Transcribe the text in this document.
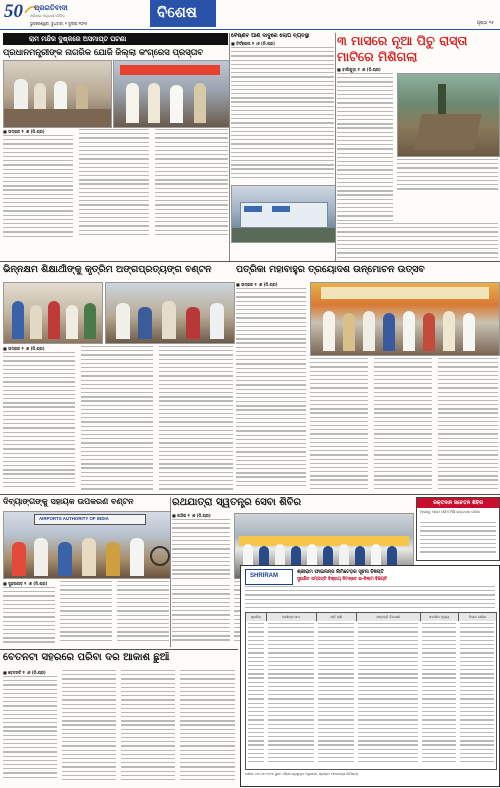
50 ପ୍ରଗତିବାଦୀ
ଓଡ଼ିଶାର ଅଗ୍ରଣୀ ଦୈନିକ
ଭୁବନେଶ୍ୱର, ବୁଧବାର, ୨ ଜୁଲାଇ ୨୦୨୫
ବିଶେଷ
ପୃଷ୍ଠା ୧୫
ରାମ ମନ୍ଦିର ଦୁଷ୍କରେ ଅସମାପ୍ତ ଘଟଣା
ପ୍ରଧାନମନ୍ତ୍ରୀଙ୍କ ନାଗରିକ ଯୋଜି ଜିଲ୍ଲା କଂଗ୍ରେସ ପ୍ରସ୍ତାବ
■ ଭଦ୍ରକ ୧ ।୭ (ନି.ପ୍ର)
ବୈଷ୍ଣବ ପାଣି ଦାଦୁରେ ଲୋପ ବ୍ୟବସ୍ଥା
■ ତିର୍ତ୍ତୋଲ ୧ ।୭ (ନି.ପ୍ର)	୩ ମାସରେ ନୂଆ ପିଚୁ ରାସ୍ତା ମାଟିରେ ମିଶିଗଲା
■ ବାଲିଗୁଡ଼ା ୧ ।୭ (ନି.ପ୍ର)
ଭିନ୍ନକ୍ଷମ ଶିକ୍ଷାର୍ଥୀଙ୍କୁ କୃତ୍ରିମ ଅଙ୍ଗପ୍ରତ୍ୟଙ୍ଗ ବଣ୍ଟନ
■ ଭଦ୍ରକ ୧ ।୭ (ନି.ପ୍ର)
ପତ୍ରିକା ମହାବାହୁର ତ୍ରୟୋଦଶ ଉନ୍ମୋଚନ ଉତ୍ସବ
■ ଭଦ୍ରକ ୧ ।୭ (ନି.ପ୍ର)
ଦିବ୍ୟାଙ୍ଗଙ୍କୁ ସହାୟକ ଉପକରଣ ବଣ୍ଟନ
AIRPORTS AUTHORITY OF INDIA
■ ସୁନ୍ଦରଗଡ଼ ୧ ।୭ (ନି.ପ୍ର)
ରଥଯାତ୍ରା ସ୍ୱତନ୍ତ୍ର ସେବା ଶିବିର
■ କନ୍ଦିର ୧ ।୭ (ନି.ପ୍ର)
ରକ୍ତଦାନ ସଚେତନ ଶିବିର
ଆସନ୍ତୁ ଆମେ ସଭିଏଁ ମିଶି ରକ୍ତଦାନ କରିବା
SHRIRAM
ଶ୍ରୀରାମ ଫାଇନାନ୍ସ ଲିମିଟେଡ଼ର ସୂଚନା ବିଜ୍ଞପ୍ତି
ସୁରକ୍ଷିତ ସମ୍ପତ୍ତି ବିକ୍ରୟ ନିମନ୍ତେ ଇ-ନିଲାମ ବିଜ୍ଞପ୍ତି
କ୍ରମିକ	ଋଣୀଙ୍କ ନାମ	ଦାବି ରାଶି	ସମ୍ପତ୍ତି ବିବରଣୀ	ସଂରକ୍ଷିତ ମୂଲ୍ୟ	ନିଲାମ ତାରିଖ
ତାରିଖ: ୦୧.୦୭.୨୦୨୫ ସ୍ଥାନ: ଓଡ଼ିଶା ପ୍ରାଧିକୃତ ଅଧିକାରୀ, ଶ୍ରୀରାମ ଫାଇନାନ୍ସ ଲିମିଟେଡ଼
ବେତନଟା ସହରରେ ପରିବା ଦର ଆକାଶ ଛୁଆଁ
■ ବେତନଟି ୧ ।୭ (ନି.ପ୍ର)
